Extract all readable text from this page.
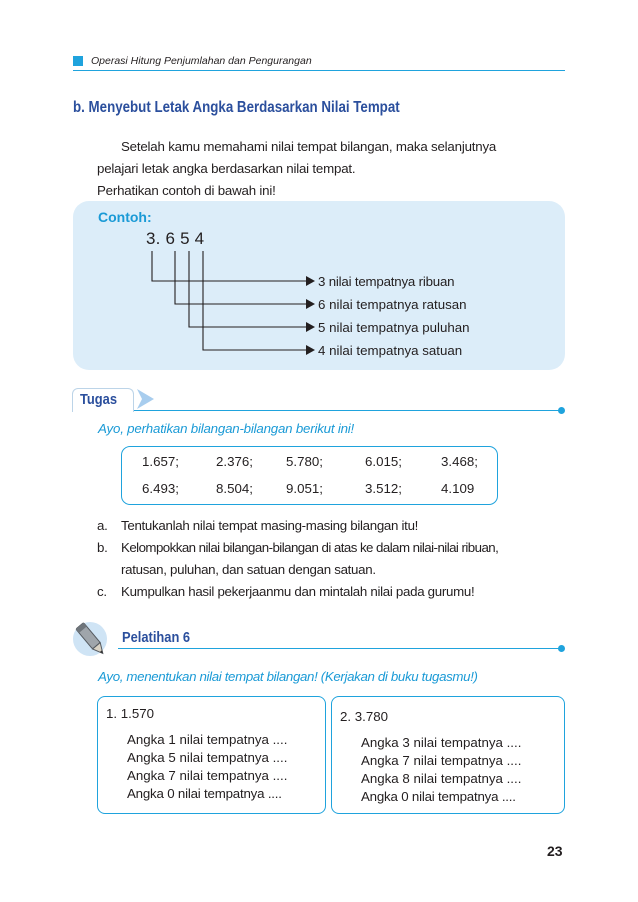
Operasi Hitung Penjumlahan dan Pengurangan
b. Menyebut Letak Angka Berdasarkan Nilai Tempat
Setelah kamu memahami nilai tempat bilangan, maka selanjutnya
pelajari letak angka berdasarkan nilai tempat.
Perhatikan contoh di bawah ini!
Contoh:
3. 6 5 4
3 nilai tempatnya ribuan
6 nilai tempatnya ratusan
5 nilai tempatnya puluhan
4 nilai tempatnya satuan
Tugas
Ayo, perhatikan bilangan-bilangan berikut ini!
1.657;	2.376; 5.780;	6.015;	3.468;
6.493;	8.504; 9.051;	3.512;	4.109
a. Tentukanlah nilai tempat masing-masing bilangan itu!
b. Kelompokkan nilai bilangan-bilangan di atas ke dalam nilai-nilai ribuan,
ratusan, puluhan, dan satuan dengan satuan.
c. Kumpulkan hasil pekerjaanmu dan mintalah nilai pada gurumu!
Pelatihan 6
Ayo, menentukan nilai tempat bilangan! (Kerjakan di buku tugasmu!)
1. 1.570
Angka 1 nilai tempatnya ....
Angka 5 nilai tempatnya ....
Angka 7 nilai tempatnya ....
Angka 0 nilai tempatnya ....
2. 3.780
Angka 3 nilai tempatnya ....
Angka 7 nilai tempatnya ....
Angka 8 nilai tempatnya ....
Angka 0 nilai tempatnya ....
23
